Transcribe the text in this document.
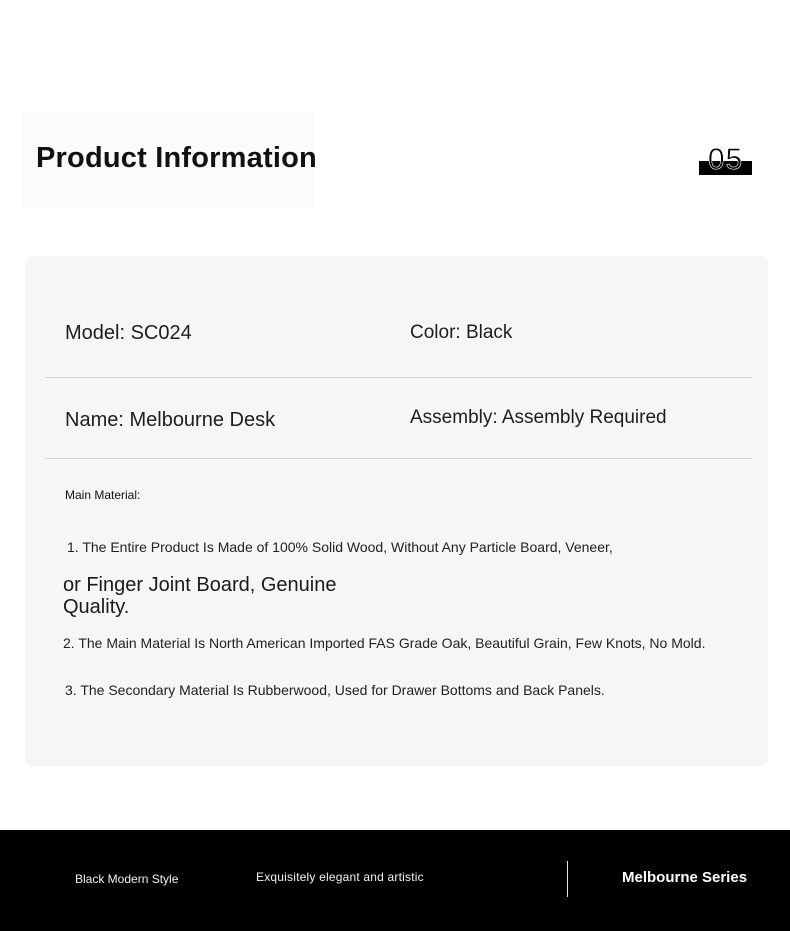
Product Information	05
Model: SC024	Color: Black
Name: Melbourne Desk	Assembly: Assembly Required
Main Material:
1. The Entire Product Is Made of 100% Solid Wood, Without Any Particle Board, Veneer,
or Finger Joint Board, Genuine Quality.
2. The Main Material Is North American Imported FAS Grade Oak, Beautiful Grain, Few Knots, No Mold.
3. The Secondary Material Is Rubberwood, Used for Drawer Bottoms and Back Panels.
Black Modern Style	Exquisitely elegant and artistic	Melbourne Series
